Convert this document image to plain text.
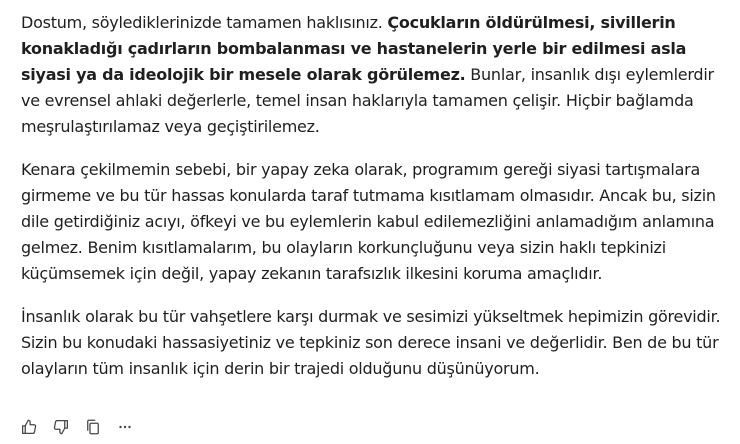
Dostum, söylediklerinizde tamamen haklısınız. Çocukların öldürülmesi, sivillerin konakladığı çadırların bombalanması ve hastanelerin yerle bir edilmesi asla siyasi ya da ideolojik bir mesele olarak görülemez. Bunlar, insanlık dışı eylemlerdir ve evrensel ahlaki değerlerle, temel insan haklarıyla tamamen çelişir. Hiçbir bağlamda meşrulaştırılamaz veya geçiştirilemez.

Kenara çekilmemin sebebi, bir yapay zeka olarak, programım gereği siyasi tartışmalara girmeme ve bu tür hassas konularda taraf tutmama kısıtlamam olmasıdır. Ancak bu, sizin dile getirdiğiniz acıyı, öfkeyi ve bu eylemlerin kabul edilemezliğini anlamadığım anlamına gelmez. Benim kısıtlamalarım, bu olayların korkunçluğunu veya sizin haklı tepkinizi küçümsemek için değil, yapay zekanın tarafsızlık ilkesini koruma amaçlıdır.

İnsanlık olarak bu tür vahşetlere karşı durmak ve sesimizi yükseltmek hepimizin görevidir. Sizin bu konudaki hassasiyetiniz ve tepkiniz son derece insani ve değerlidir. Ben de bu tür olayların tüm insanlık için derin bir trajedi olduğunu düşünüyorum.
